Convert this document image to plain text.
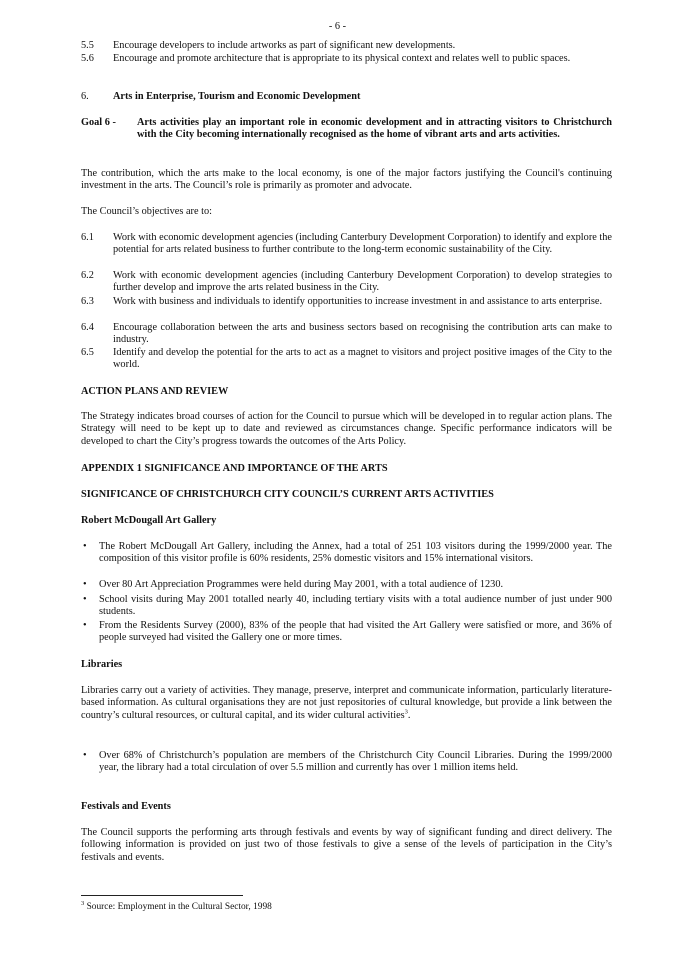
- 6 -
5.5 Encourage developers to include artworks as part of significant new developments.
5.6 Encourage and promote architecture that is appropriate to its physical context and relates well to public spaces.
6. Arts in Enterprise, Tourism and Economic Development
Goal 6 - Arts activities play an important role in economic development and in attracting visitors to Christchurch with the City becoming internationally recognised as the home of vibrant arts and arts activities.
The contribution, which the arts make to the local economy, is one of the major factors justifying the Council's continuing investment in the arts. The Council’s role is primarily as promoter and advocate.
The Council’s objectives are to:
6.1 Work with economic development agencies (including Canterbury Development Corporation) to identify and explore the potential for arts related business to further contribute to the long-term economic sustainability of the City.
6.2 Work with economic development agencies (including Canterbury Development Corporation) to develop strategies to further develop and improve the arts related business in the City.
6.3 Work with business and individuals to identify opportunities to increase investment in and assistance to arts enterprise.
6.4 Encourage collaboration between the arts and business sectors based on recognising the contribution arts can make to industry.
6.5 Identify and develop the potential for the arts to act as a magnet to visitors and project positive images of the City to the world.
ACTION PLANS AND REVIEW
The Strategy indicates broad courses of action for the Council to pursue which will be developed in to regular action plans. The Strategy will need to be kept up to date and reviewed as circumstances change. Specific performance indicators will be developed to chart the City’s progress towards the outcomes of the Arts Policy.
APPENDIX 1 SIGNIFICANCE AND IMPORTANCE OF THE ARTS
SIGNIFICANCE OF CHRISTCHURCH CITY COUNCIL’S CURRENT ARTS ACTIVITIES
Robert McDougall Art Gallery
• The Robert McDougall Art Gallery, including the Annex, had a total of 251 103 visitors during the 1999/2000 year. The composition of this visitor profile is 60% residents, 25% domestic visitors and 15% international visitors.
• Over 80 Art Appreciation Programmes were held during May 2001, with a total audience of 1230.
• School visits during May 2001 totalled nearly 40, including tertiary visits with a total audience number of just under 900 students.
• From the Residents Survey (2000), 83% of the people that had visited the Art Gallery were satisfied or more, and 36% of people surveyed had visited the Gallery one or more times.
Libraries
Libraries carry out a variety of activities. They manage, preserve, interpret and communicate information, particularly literature-based information. As cultural organisations they are not just repositories of cultural knowledge, but provide a link between the country’s cultural resources, or cultural capital, and its wider cultural activities$^3$.
• Over 68% of Christchurch’s population are members of the Christchurch City Council Libraries. During the 1999/2000 year, the library had a total circulation of over 5.5 million and currently has over 1 million items held.
Festivals and Events
The Council supports the performing arts through festivals and events by way of significant funding and direct delivery. The following information is provided on just two of those festivals to give a sense of the levels of participation in the City’s festivals and events.
$^3$ Source: Employment in the Cultural Sector, 1998
